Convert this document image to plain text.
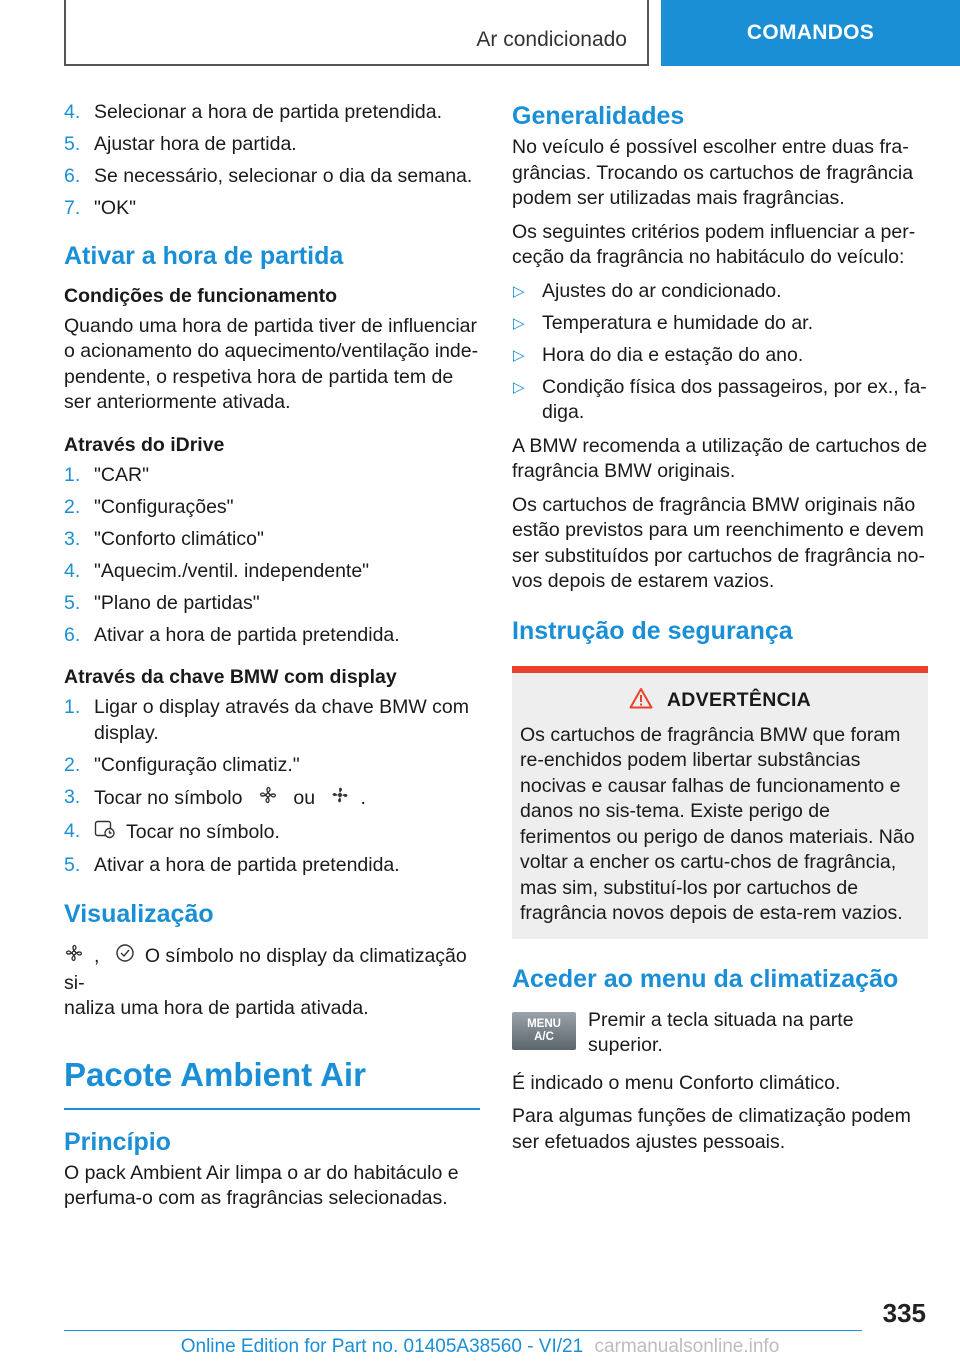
Ar condicionado	COMANDOS
4. Selecionar a hora de partida pretendida.
5. Ajustar hora de partida.
6. Se necessário, selecionar o dia da semana.
7. "OK"
Ativar a hora de partida
Condições de funcionamento

Quando uma hora de partida tiver de influenciar o acionamento do aquecimento/ventilação inde-pendente, o respetiva hora de partida tem de ser anteriormente ativada.

Através do iDrive
1. "CAR"
2. "Configurações"
3. "Conforto climático"
4. "Aquecim./ventil. independente"
5. "Plano de partidas"
6. Ativar a hora de partida pretendida.
Através da chave BMW com display
1. Ligar o display através da chave BMW com display.
2. "Configuração climatiz."
3. Tocar no símbolo	ou .
4.	Tocar no símbolo.
5. Ativar a hora de partida pretendida.
Visualização

, O símbolo no display da climatização si-
naliza uma hora de partida ativada.

Pacote Ambient Air
Princípio

O pack Ambient Air limpa o ar do habitáculo e perfuma-o com as fragrâncias selecionadas.

Generalidades

No veículo é possível escolher entre duas fra-grâncias. Trocando os cartuchos de fragrância podem ser utilizadas mais fragrâncias.

Os seguintes critérios podem influenciar a per-ceção da fragrância no habitáculo do veículo:

▷ Ajustes do ar condicionado.
▷ Temperatura e humidade do ar.
▷ Hora do dia e estação do ano.
▷ Condição física dos passageiros, por ex., fa-diga.

A BMW recomenda a utilização de cartuchos de fragrância BMW originais.

Os cartuchos de fragrância BMW originais não estão previstos para um reenchimento e devem ser substituídos por cartuchos de fragrância no-vos depois de estarem vazios.

Instrução de segurança
ADVERTÊNCIA

Os cartuchos de fragrância BMW que foram re-enchidos podem libertar substâncias nocivas e causar falhas de funcionamento e danos no sis-tema. Existe perigo de ferimentos ou perigo de danos materiais. Não voltar a encher os cartu-chos de fragrância, mas sim, substituí-los por cartuchos de fragrância novos depois de esta-rem vazios.

Aceder ao menu da climatização
MENU
A/C

Premir a tecla situada na parte superior.

É indicado o menu Conforto climático.

Para algumas funções de climatização podem ser efetuados ajustes pessoais.

335
Online Edition for Part no. 01405A38560 - VI/21 carmanualsonline.info
